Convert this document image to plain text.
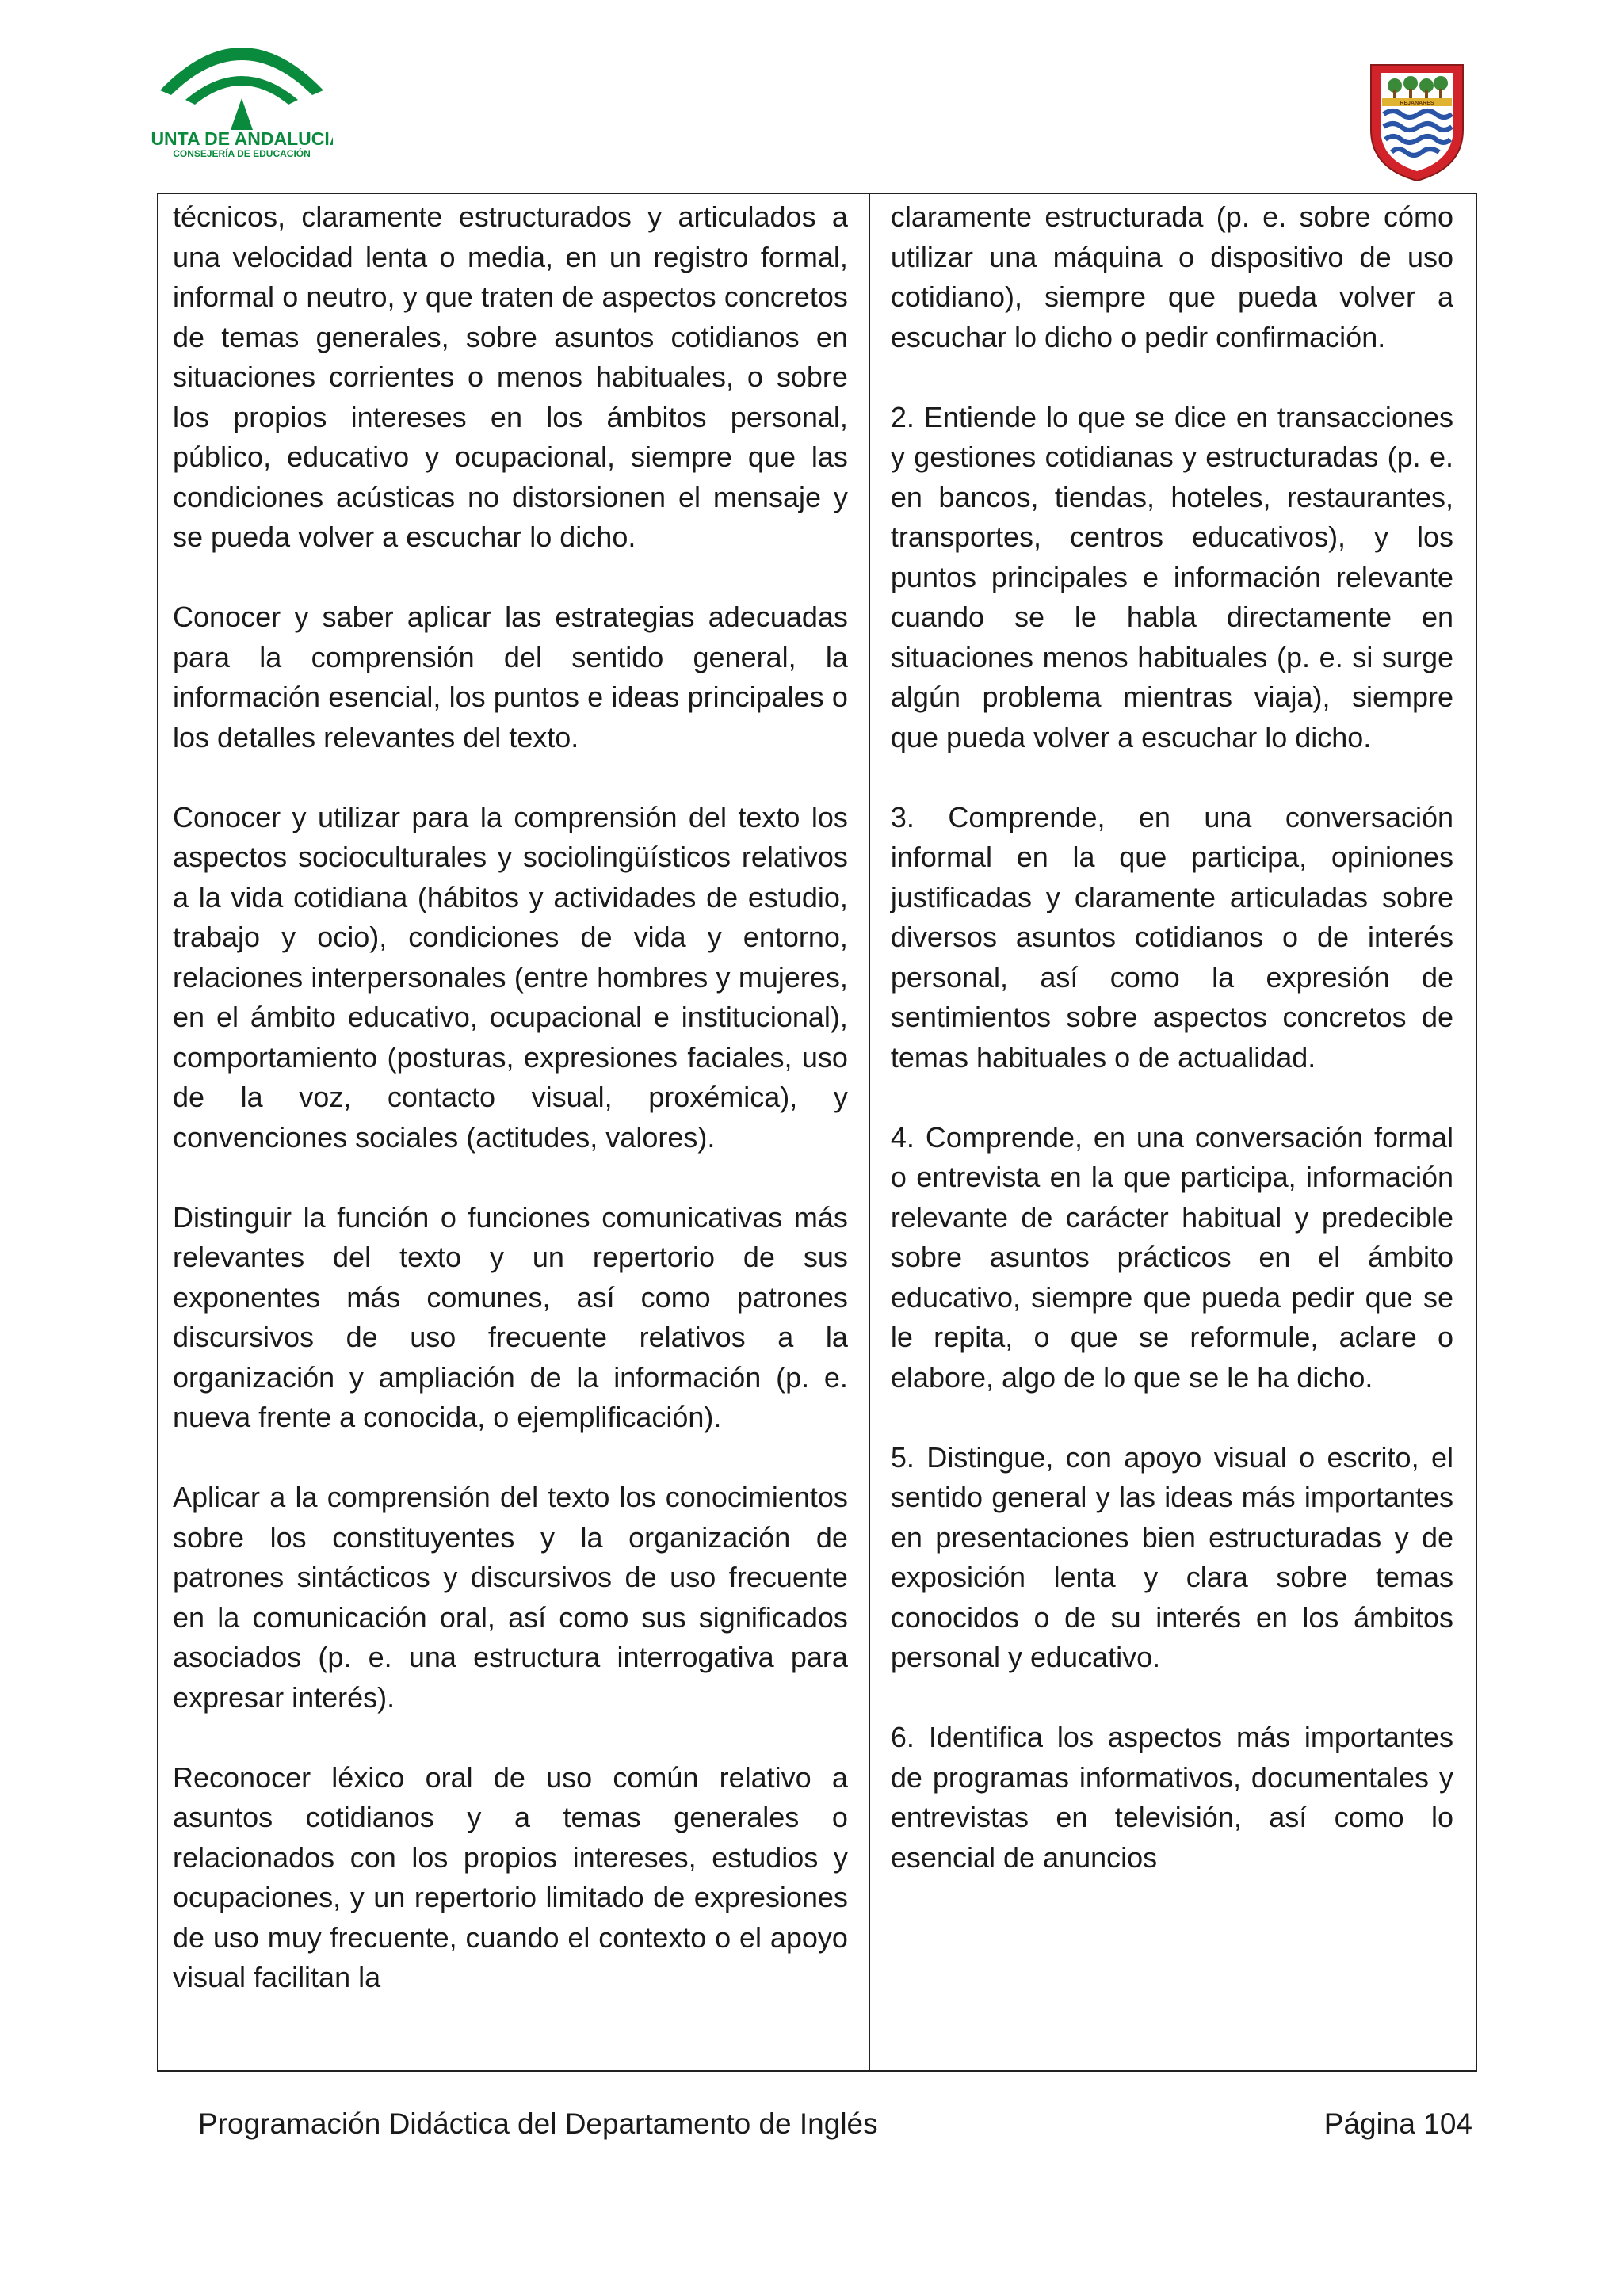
JUNTA DE ANDALUCIA
CONSEJERÍA DE EDUCACIÓN
REJANARES

técnicos, claramente estructurados y articulados a una velocidad lenta o media, en un registro formal, informal o neutro, y que traten de aspectos concretos de temas generales, sobre asuntos cotidianos en situaciones corrientes o menos habituales, o sobre los propios intereses en los ámbitos personal, público, educativo y ocupacional, siempre que las condiciones acústicas no distorsionen el mensaje y se pueda volver a escuchar lo dicho.

Conocer y saber aplicar las estrategias adecuadas para la comprensión del sentido general, la información esencial, los puntos e ideas principales o los detalles relevantes del texto.

Conocer y utilizar para la comprensión del texto los aspectos socioculturales y sociolingüísticos relativos a la vida cotidiana (hábitos y actividades de estudio, trabajo y ocio), condiciones de vida y entorno, relaciones interpersonales (entre hombres y mujeres, en el ámbito educativo, ocupacional e institucional), comportamiento (posturas, expresiones faciales, uso de la voz, contacto visual, proxémica), y convenciones sociales (actitudes, valores).

Distinguir la función o funciones comunicativas más relevantes del texto y un repertorio de sus exponentes más comunes, así como patrones discursivos de uso frecuente relativos a la organización y ampliación de la información (p. e. nueva frente a conocida, o ejemplificación).

Aplicar a la comprensión del texto los conocimientos sobre los constituyentes y la organización de patrones sintácticos y discursivos de uso frecuente en la comunicación oral, así como sus significados asociados (p. e. una estructura interrogativa para expresar interés).

Reconocer léxico oral de uso común relativo a asuntos cotidianos y a temas generales o relacionados con los propios intereses, estudios y ocupaciones, y un repertorio limitado de expresiones de uso muy frecuente, cuando el contexto o el apoyo visual facilitan la

claramente estructurada (p. e. sobre cómo utilizar una máquina o dispositivo de uso cotidiano), siempre que pueda volver a escuchar lo dicho o pedir confirmación.

2. Entiende lo que se dice en transacciones y gestiones cotidianas y estructuradas (p. e. en bancos, tiendas, hoteles, restaurantes, transportes, centros educativos), y los puntos principales e información relevante cuando se le habla directamente en situaciones menos habituales (p. e. si surge algún problema mientras viaja), siempre que pueda volver a escuchar lo dicho.

3. Comprende, en una conversación informal en la que participa, opiniones justificadas y claramente articuladas sobre diversos asuntos cotidianos o de interés personal, así como la expresión de sentimientos sobre aspectos concretos de temas habituales o de actualidad.

4. Comprende, en una conversación formal o entrevista en la que participa, información relevante de carácter habitual y predecible sobre asuntos prácticos en el ámbito educativo, siempre que pueda pedir que se le repita, o que se reformule, aclare o elabore, algo de lo que se le ha dicho.

5. Distingue, con apoyo visual o escrito, el sentido general y las ideas más importantes en presentaciones bien estructuradas y de exposición lenta y clara sobre temas conocidos o de su interés en los ámbitos personal y educativo.

6. Identifica los aspectos más importantes de programas informativos, documentales y entrevistas en televisión, así como lo esencial de anuncios

Programación Didáctica del Departamento de Inglés	Página 104
